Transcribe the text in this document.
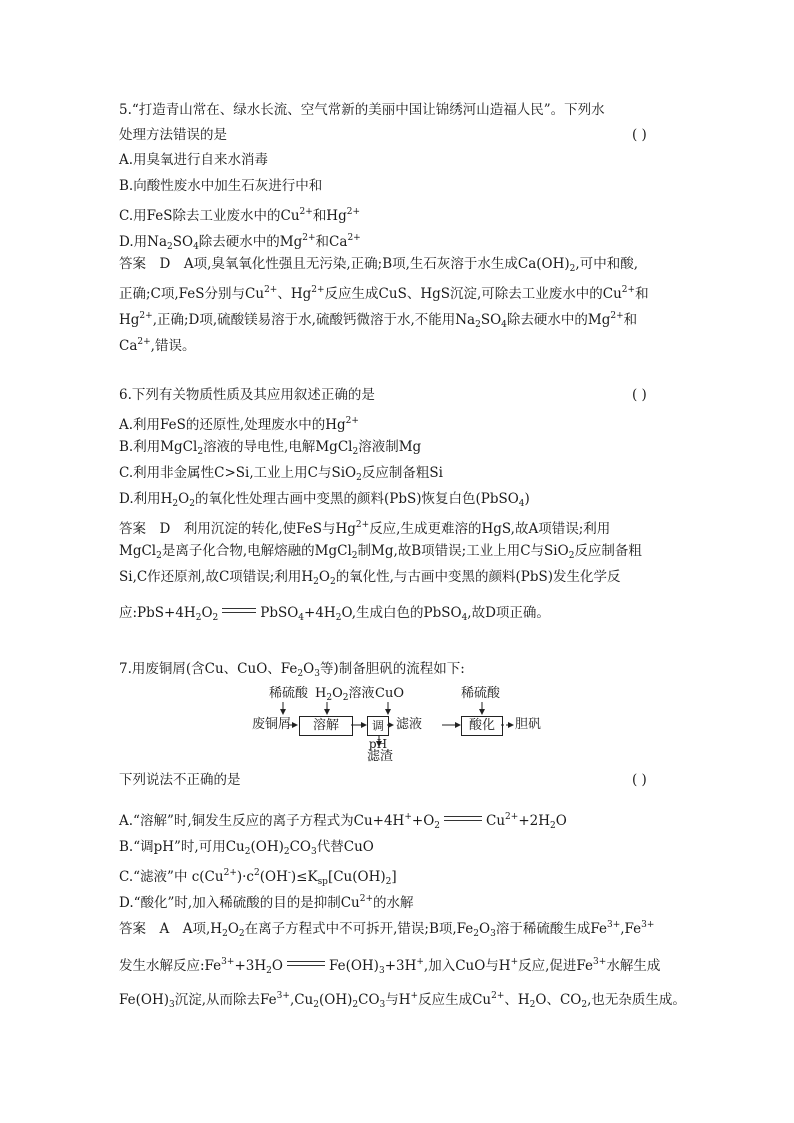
5.“打造青山常在、绿水长流、空气常新的美丽中国让锦绣河山造福人民”。下列水
处理方法错误的是	( )
A.用臭氧进行自来水消毒
B.向酸性废水中加生石灰进行中和
C.用FeS除去工业废水中的$Cu^{2+}$和$Hg^{2+}$
D.用$Na_2SO_4$除去硬水中的$Mg^{2+}$和$Ca^{2+}$
答案　D　A项,臭氧氧化性强且无污染,正确;B项,生石灰溶于水生成$Ca(OH)_2$,可中和酸,
正确;C项,FeS分别与$Cu^{2+}$、$Hg^{2+}$反应生成CuS、HgS沉淀,可除去工业废水中的$Cu^{2+}$和
$Hg^{2+}$,正确;D项,硫酸镁易溶于水,硫酸钙微溶于水,不能用$Na_2SO_4$除去硬水中的$Mg^{2+}$和
$Ca^{2+}$,错误。
6.下列有关物质性质及其应用叙述正确的是	( )
A.利用FeS的还原性,处理废水中的$Hg^{2+}$
B.利用MgCl$_2$溶液的导电性,电解MgCl$_2$溶液制Mg
C.利用非金属性C>Si,工业上用C与SiO$_2$反应制备粗Si
D.利用$H_2O_2$的氧化性处理古画中变黑的颜料(PbS)恢复白色(PbSO$_4$)
答案　D　利用沉淀的转化,使FeS与$Hg^{2+}$反应,生成更难溶的HgS,故A项错误;利用
MgCl$_2$是离子化合物,电解熔融的MgCl$_2$制Mg,故B项错误;工业上用C与SiO$_2$反应制备粗
Si,C作还原剂,故C项错误;利用$H_2O_2$的氧化性,与古画中变黑的颜料(PbS)发生化学反
应$:PbS+4H_2O_2$	$PbSO_4+4H_2O$,生成白色的PbSO$_4$,故D项正确。
7.用废铜屑(含Cu、CuO、$Fe_2O_3$等)制备胆矾的流程如下:
稀硫酸 $H_2O_2$溶液 CuO	稀硫酸
废铜屑	溶解	调pH
滤液	酸化	胆矾
滤渣
下列说法不正确的是	( )
A.“溶解”时,铜发生反应的离子方程式为$Cu+4H^++O_2$	$Cu^{2+}+2H_2O$
B.“调pH”时,可用$Cu_2(OH)_2CO_3$代替CuO
C.“滤液”中 $c(Cu^{2+})\cdot c^2(OH^-)\le K_{sp}[Cu(OH)_2]$
D.“酸化”时,加入稀硫酸的目的是抑制$Cu^{2+}$的水解
答案　A　A项$,H_2O_2$在离子方程式中不可拆开,错误;B项$,Fe_2O_3$溶于稀硫酸生成$Fe^{3+},Fe^{3+}$
发生水解反应$:Fe^{3+}+3H_2O$	$Fe(OH)_3+3H^+$,加入CuO与H+反应,促进$Fe^{3+}$水解生成
$Fe(OH)_3$沉淀,从而除去$Fe^{3+},Cu_2(OH)_2CO_3$与H+反应生成$Cu^{2+}$、$H_2O$、$CO_2$,也无杂质生成。
